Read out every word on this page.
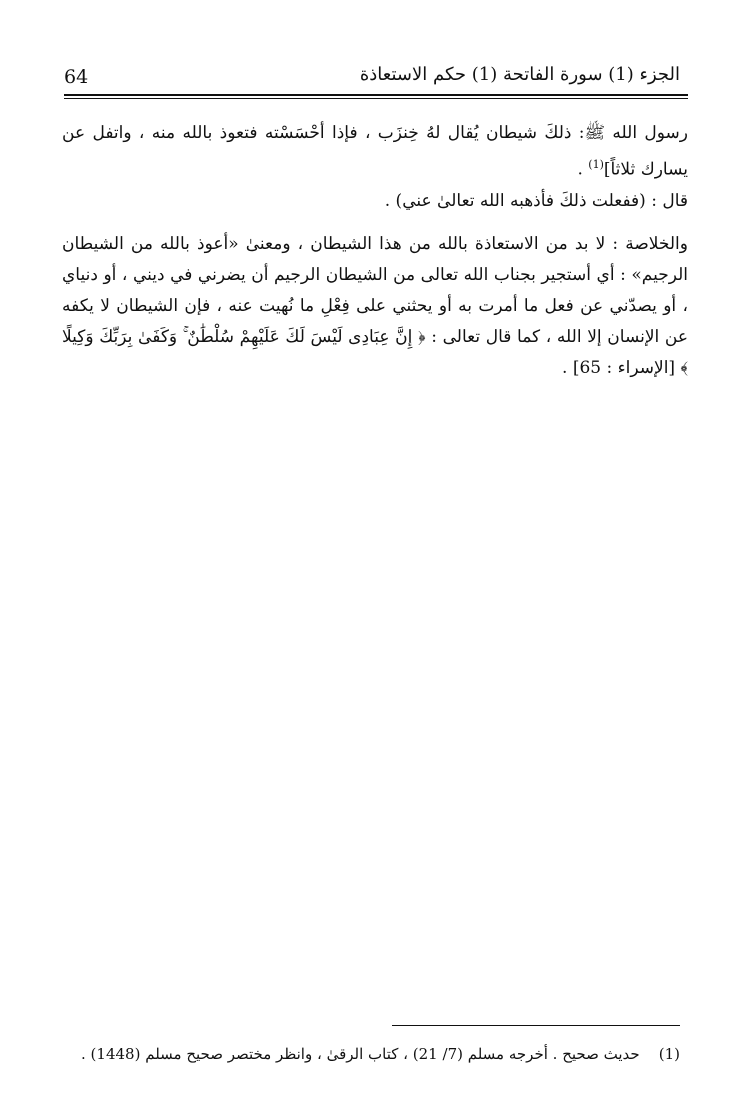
64	الجزء (1) سورة الفاتحة (1) حكم الاستعاذة

رسول الله ﷺ: ذلكَ شيطان يُقال لهُ خِنزَب ، فإذا أحْسَسْته فتعوذ بالله منه ، واتفل عن يسارك ثلاثاً]$^{(1)}$ .

قال : (ففعلت ذلكَ فأذهبه الله تعالىٰ عني) .

والخلاصة : لا بد من الاستعاذة بالله من هذا الشيطان ، ومعنىٰ «أعوذ بالله من الشيطان الرجيم» : أي أستجير بجناب الله تعالى من الشيطان الرجيم أن يضرني في ديني ، أو دنياي ، أو يصدّني عن فعل ما أمرت به أو يحثني على فِعْلِ ما نُهيت عنه ، فإن الشيطان لا يكفه عن الإنسان إلا الله ، كما قال تعالى : ﴿ إِنَّ عِبَادِى لَيْسَ لَكَ عَلَيْهِمْ سُلْطَٰنٌ ۚ وَكَفَىٰ بِرَبِّكَ وَكِيلًا ﴾ [الإسراء : 65] .

(1)    حديث صحيح . أخرجه مسلم (7/ 21) ، كتاب الرقىٰ ، وانظر مختصر صحيح مسلم (1448) .
